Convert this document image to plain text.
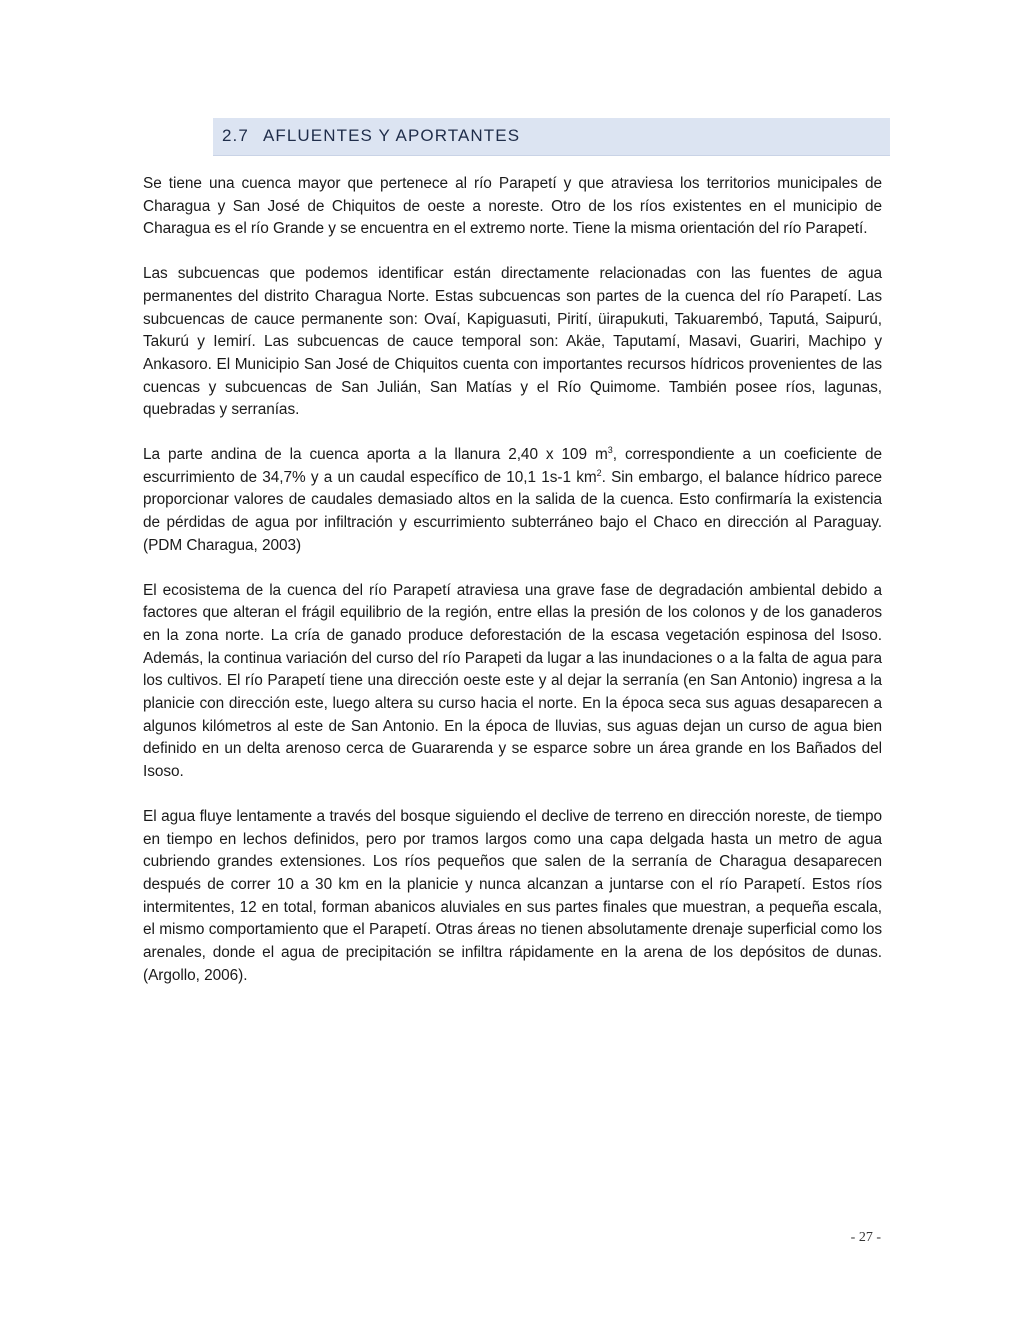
2.7 AFLUENTES Y APORTANTES

Se tiene una cuenca mayor que pertenece al río Parapetí y que atraviesa los territorios municipales de Charagua y San José de Chiquitos de oeste a noreste. Otro de los ríos existentes en el municipio de Charagua es el río Grande y se encuentra en el extremo norte. Tiene la misma orientación del río Parapetí.

Las subcuencas que podemos identificar están directamente relacionadas con las fuentes de agua permanentes del distrito Charagua Norte. Estas subcuencas son partes de la cuenca del río Parapetí. Las subcuencas de cauce permanente son: Ovaí, Kapiguasuti, Pirití, üirapukuti, Takuarembó, Taputá, Saipurú, Takurú y Iemirí. Las subcuencas de cauce temporal son: Akäe, Taputamí, Masavi, Guariri, Machipo y Ankasoro. El Municipio San José de Chiquitos cuenta con importantes recursos hídricos provenientes de las cuencas y subcuencas de San Julián, San Matías y el Río Quimome. También posee ríos, lagunas, quebradas y serranías.

La parte andina de la cuenca aporta a la llanura 2,40 x 109 $m^3$, correspondiente a un coeficiente de escurrimiento de 34,7% y a un caudal específico de 10,1 1s-1 $km^2$. Sin embargo, el balance hídrico parece proporcionar valores de caudales demasiado altos en la salida de la cuenca. Esto confirmaría la existencia de pérdidas de agua por infiltración y escurrimiento subterráneo bajo el Chaco en dirección al Paraguay. (PDM Charagua, 2003)

El ecosistema de la cuenca del río Parapetí atraviesa una grave fase de degradación ambiental debido a factores que alteran el frágil equilibrio de la región, entre ellas la presión de los colonos y de los ganaderos en la zona norte. La cría de ganado produce deforestación de la escasa vegetación espinosa del Isoso. Además, la continua variación del curso del río Parapeti da lugar a las inundaciones o a la falta de agua para los cultivos. El río Parapetí tiene una dirección oeste este y al dejar la serranía (en San Antonio) ingresa a la planicie con dirección este, luego altera su curso hacia el norte. En la época seca sus aguas desaparecen a algunos kilómetros al este de San Antonio. En la época de lluvias, sus aguas dejan un curso de agua bien definido en un delta arenoso cerca de Guararenda y se esparce sobre un área grande en los Bañados del Isoso.

El agua fluye lentamente a través del bosque siguiendo el declive de terreno en dirección noreste, de tiempo en tiempo en lechos definidos, pero por tramos largos como una capa delgada hasta un metro de agua cubriendo grandes extensiones. Los ríos pequeños que salen de la serranía de Charagua desaparecen después de correr 10 a 30 km en la planicie y nunca alcanzan a juntarse con el río Parapetí. Estos ríos intermitentes, 12 en total, forman abanicos aluviales en sus partes finales que muestran, a pequeña escala, el mismo comportamiento que el Parapetí. Otras áreas no tienen absolutamente drenaje superficial como los arenales, donde el agua de precipitación se infiltra rápidamente en la arena de los depósitos de dunas. (Argollo, 2006).

- 27 -
